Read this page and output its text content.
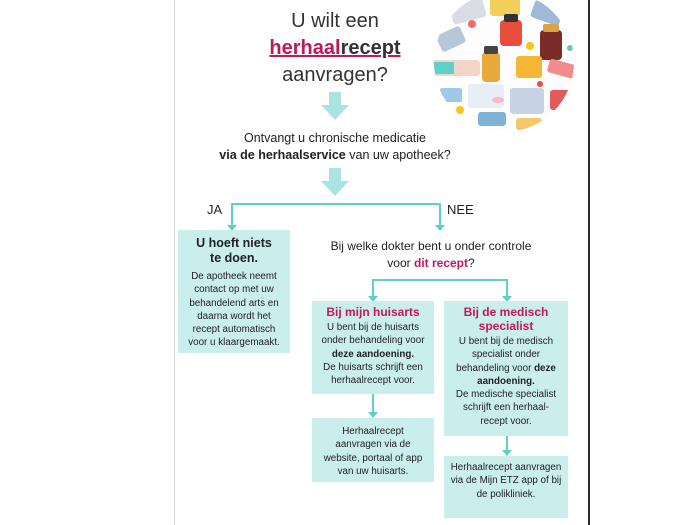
U wilt een
herhaalrecept
aanvragen?
Ontvangt u chronische medicatie
via de herhaalservice van uw apotheek?
JA	NEE
U hoeft niets
te doen.
De apotheek neemt contact op met uw behandelend arts en daarna wordt het recept automatisch voor u klaargemaakt.
Bij welke dokter bent u onder controle
voor dit recept?
Bij mijn huisarts
U bent bij de huisarts onder behandeling voor deze aandoening.
De huisarts schrijft een herhaalrecept voor.
Bij de medisch
specialist
U bent bij de medisch specialist onder behandeling voor deze aandoening.
De medische specialist schrijft een herhaal-recept voor.
Herhaalrecept aanvragen via de website, portaal of app van uw huisarts.	Herhaalrecept aanvragen via de Mijn ETZ app of bij de polikliniek.
